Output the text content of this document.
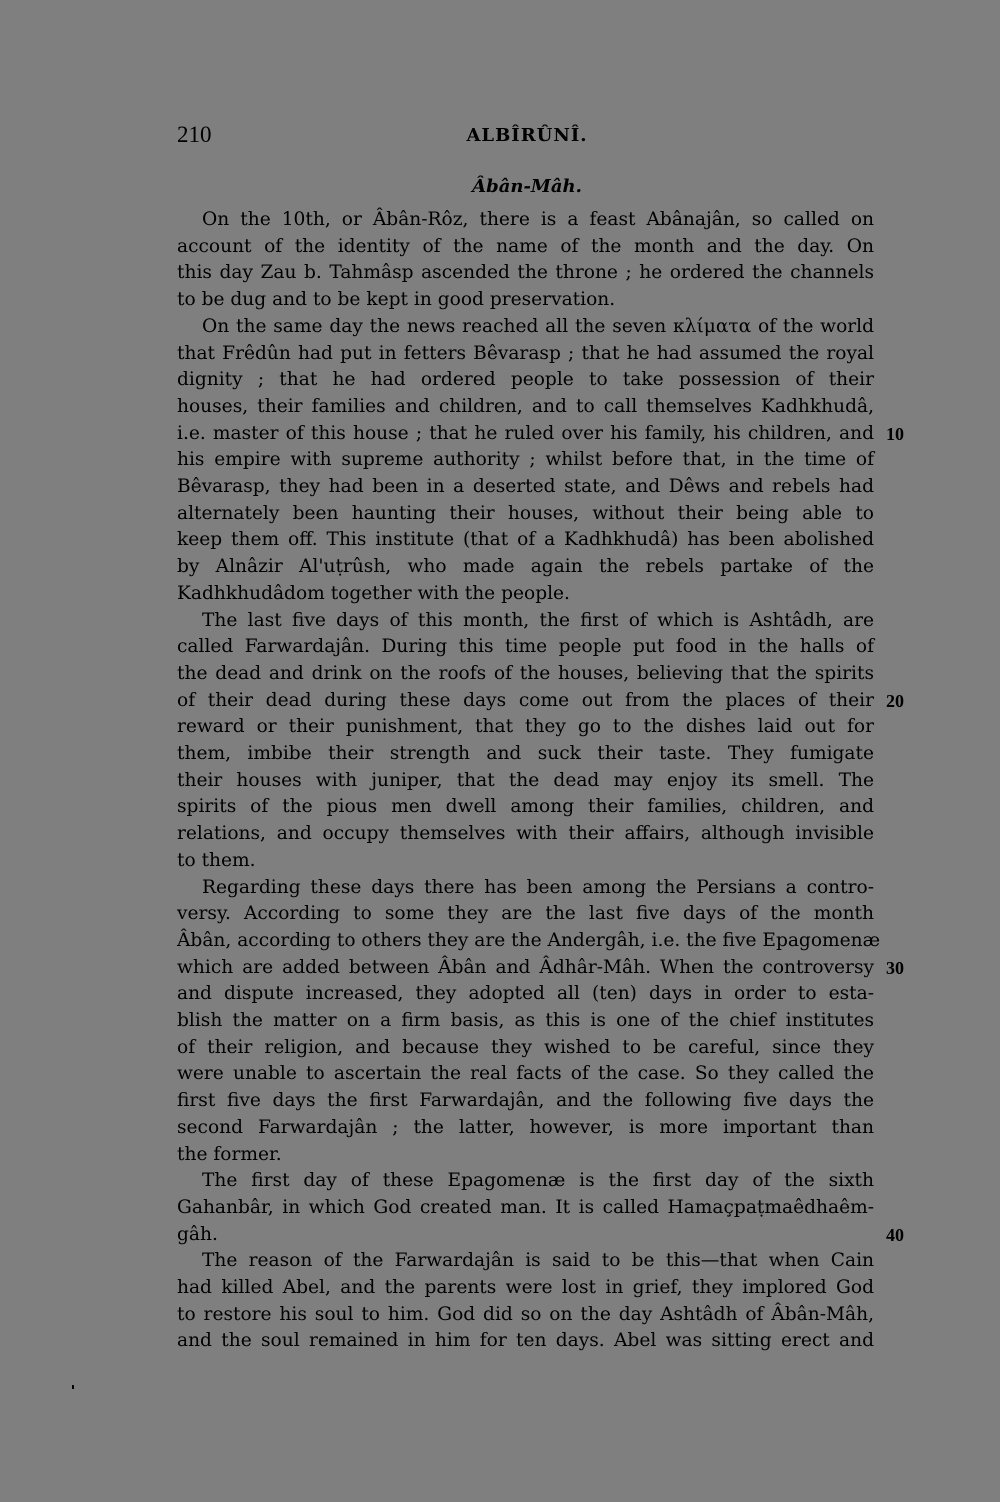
210	ALBÎRÛNÎ.
Âbân-Mâh.
On the 10th, or Âbân-Rôz, there is a feast Abânajân, so called on
account of the identity of the name of the month and the day. On
this day Zau b. Tahmâsp ascended the throne ; he ordered the channels
to be dug and to be kept in good preservation.
On the same day the news reached all the seven κλίματα of the world
that Frêdûn had put in fetters Bêvarasp ; that he had assumed the royal
dignity ; that he had ordered people to take possession of their
houses, their families and children, and to call themselves Kadhkhudâ,
i.e. master of this house ; that he ruled over his family, his children, and
his empire with supreme authority ; whilst before that, in the time of
Bêvarasp, they had been in a deserted state, and Dêws and rebels had
alternately been haunting their houses, without their being able to
keep them off. This institute (that of a Kadhkhudâ) has been abolished
by Alnâzir Al'uṭrûsh, who made again the rebels partake of the
Kadhkhudâdom together with the people.
The last five days of this month, the first of which is Ashtâdh, are
called Farwardajân. During this time people put food in the halls of
the dead and drink on the roofs of the houses, believing that the spirits
of their dead during these days come out from the places of their
reward or their punishment, that they go to the dishes laid out for
them, imbibe their strength and suck their taste. They fumigate
their houses with juniper, that the dead may enjoy its smell. The
spirits of the pious men dwell among their families, children, and
relations, and occupy themselves with their affairs, although invisible
to them.
Regarding these days there has been among the Persians a contro-
versy. According to some they are the last five days of the month
Âbân, according to others they are the Andergâh, i.e. the five Epagomenæ
which are added between Âbân and Âdhâr-Mâh. When the controversy
and dispute increased, they adopted all (ten) days in order to esta-
blish the matter on a firm basis, as this is one of the chief institutes
of their religion, and because they wished to be careful, since they
were unable to ascertain the real facts of the case. So they called the
first five days the first Farwardajân, and the following five days the
second Farwardajân ; the latter, however, is more important than
the former.
The first day of these Epagomenæ is the first day of the sixth
Gahanbâr, in which God created man. It is called Hamaçpaṭmaêdhaêm-
gâh.
The reason of the Farwardajân is said to be this—that when Cain
had killed Abel, and the parents were lost in grief, they implored God
to restore his soul to him. God did so on the day Ashtâdh of Âbân-Mâh,
and the soul remained in him for ten days. Abel was sitting erect and
10
20
30
40
